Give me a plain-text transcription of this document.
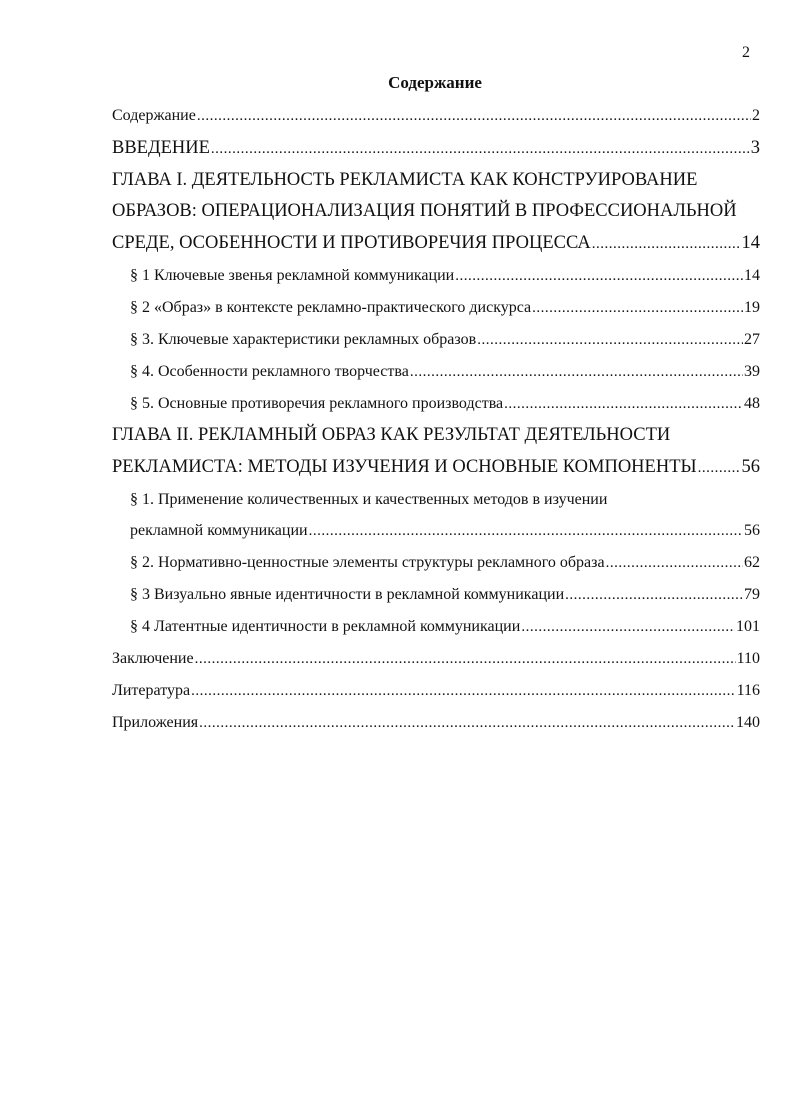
2
Содержание
Содержание .....	2
ВВЕДЕНИЕ .....	3
ГЛАВА I. ДЕЯТЕЛЬНОСТЬ РЕКЛАМИСТА КАК КОНСТРУИРОВАНИЕ
ОБРАЗОВ: ОПЕРАЦИОНАЛИЗАЦИЯ ПОНЯТИЙ В ПРОФЕССИОНАЛЬНОЙ
СРЕДЕ, ОСОБЕННОСТИ И ПРОТИВОРЕЧИЯ ПРОЦЕССА .....	14
§ 1 Ключевые звенья рекламной коммуникации .....	14
§ 2 «Образ» в контексте рекламно-практического дискурса .....	19
§ 3. Ключевые характеристики рекламных образов .....	27
§ 4. Особенности рекламного творчества .....	39
§ 5. Основные противоречия рекламного производства .....	48
ГЛАВА II. РЕКЛАМНЫЙ ОБРАЗ КАК РЕЗУЛЬТАТ ДЕЯТЕЛЬНОСТИ
РЕКЛАМИСТА: МЕТОДЫ ИЗУЧЕНИЯ И ОСНОВНЫЕ КОМПОНЕНТЫ ..... 56
§ 1. Применение количественных и качественных методов в изучении
рекламной коммуникации .....	56
§ 2. Нормативно-ценностные элементы структуры рекламного образа .....	62
§ 3 Визуально явные идентичности в рекламной коммуникации .....	79
§ 4 Латентные идентичности в рекламной коммуникации .....	101
Заключение .....	110
Литература .....	116
Приложения .....	140
